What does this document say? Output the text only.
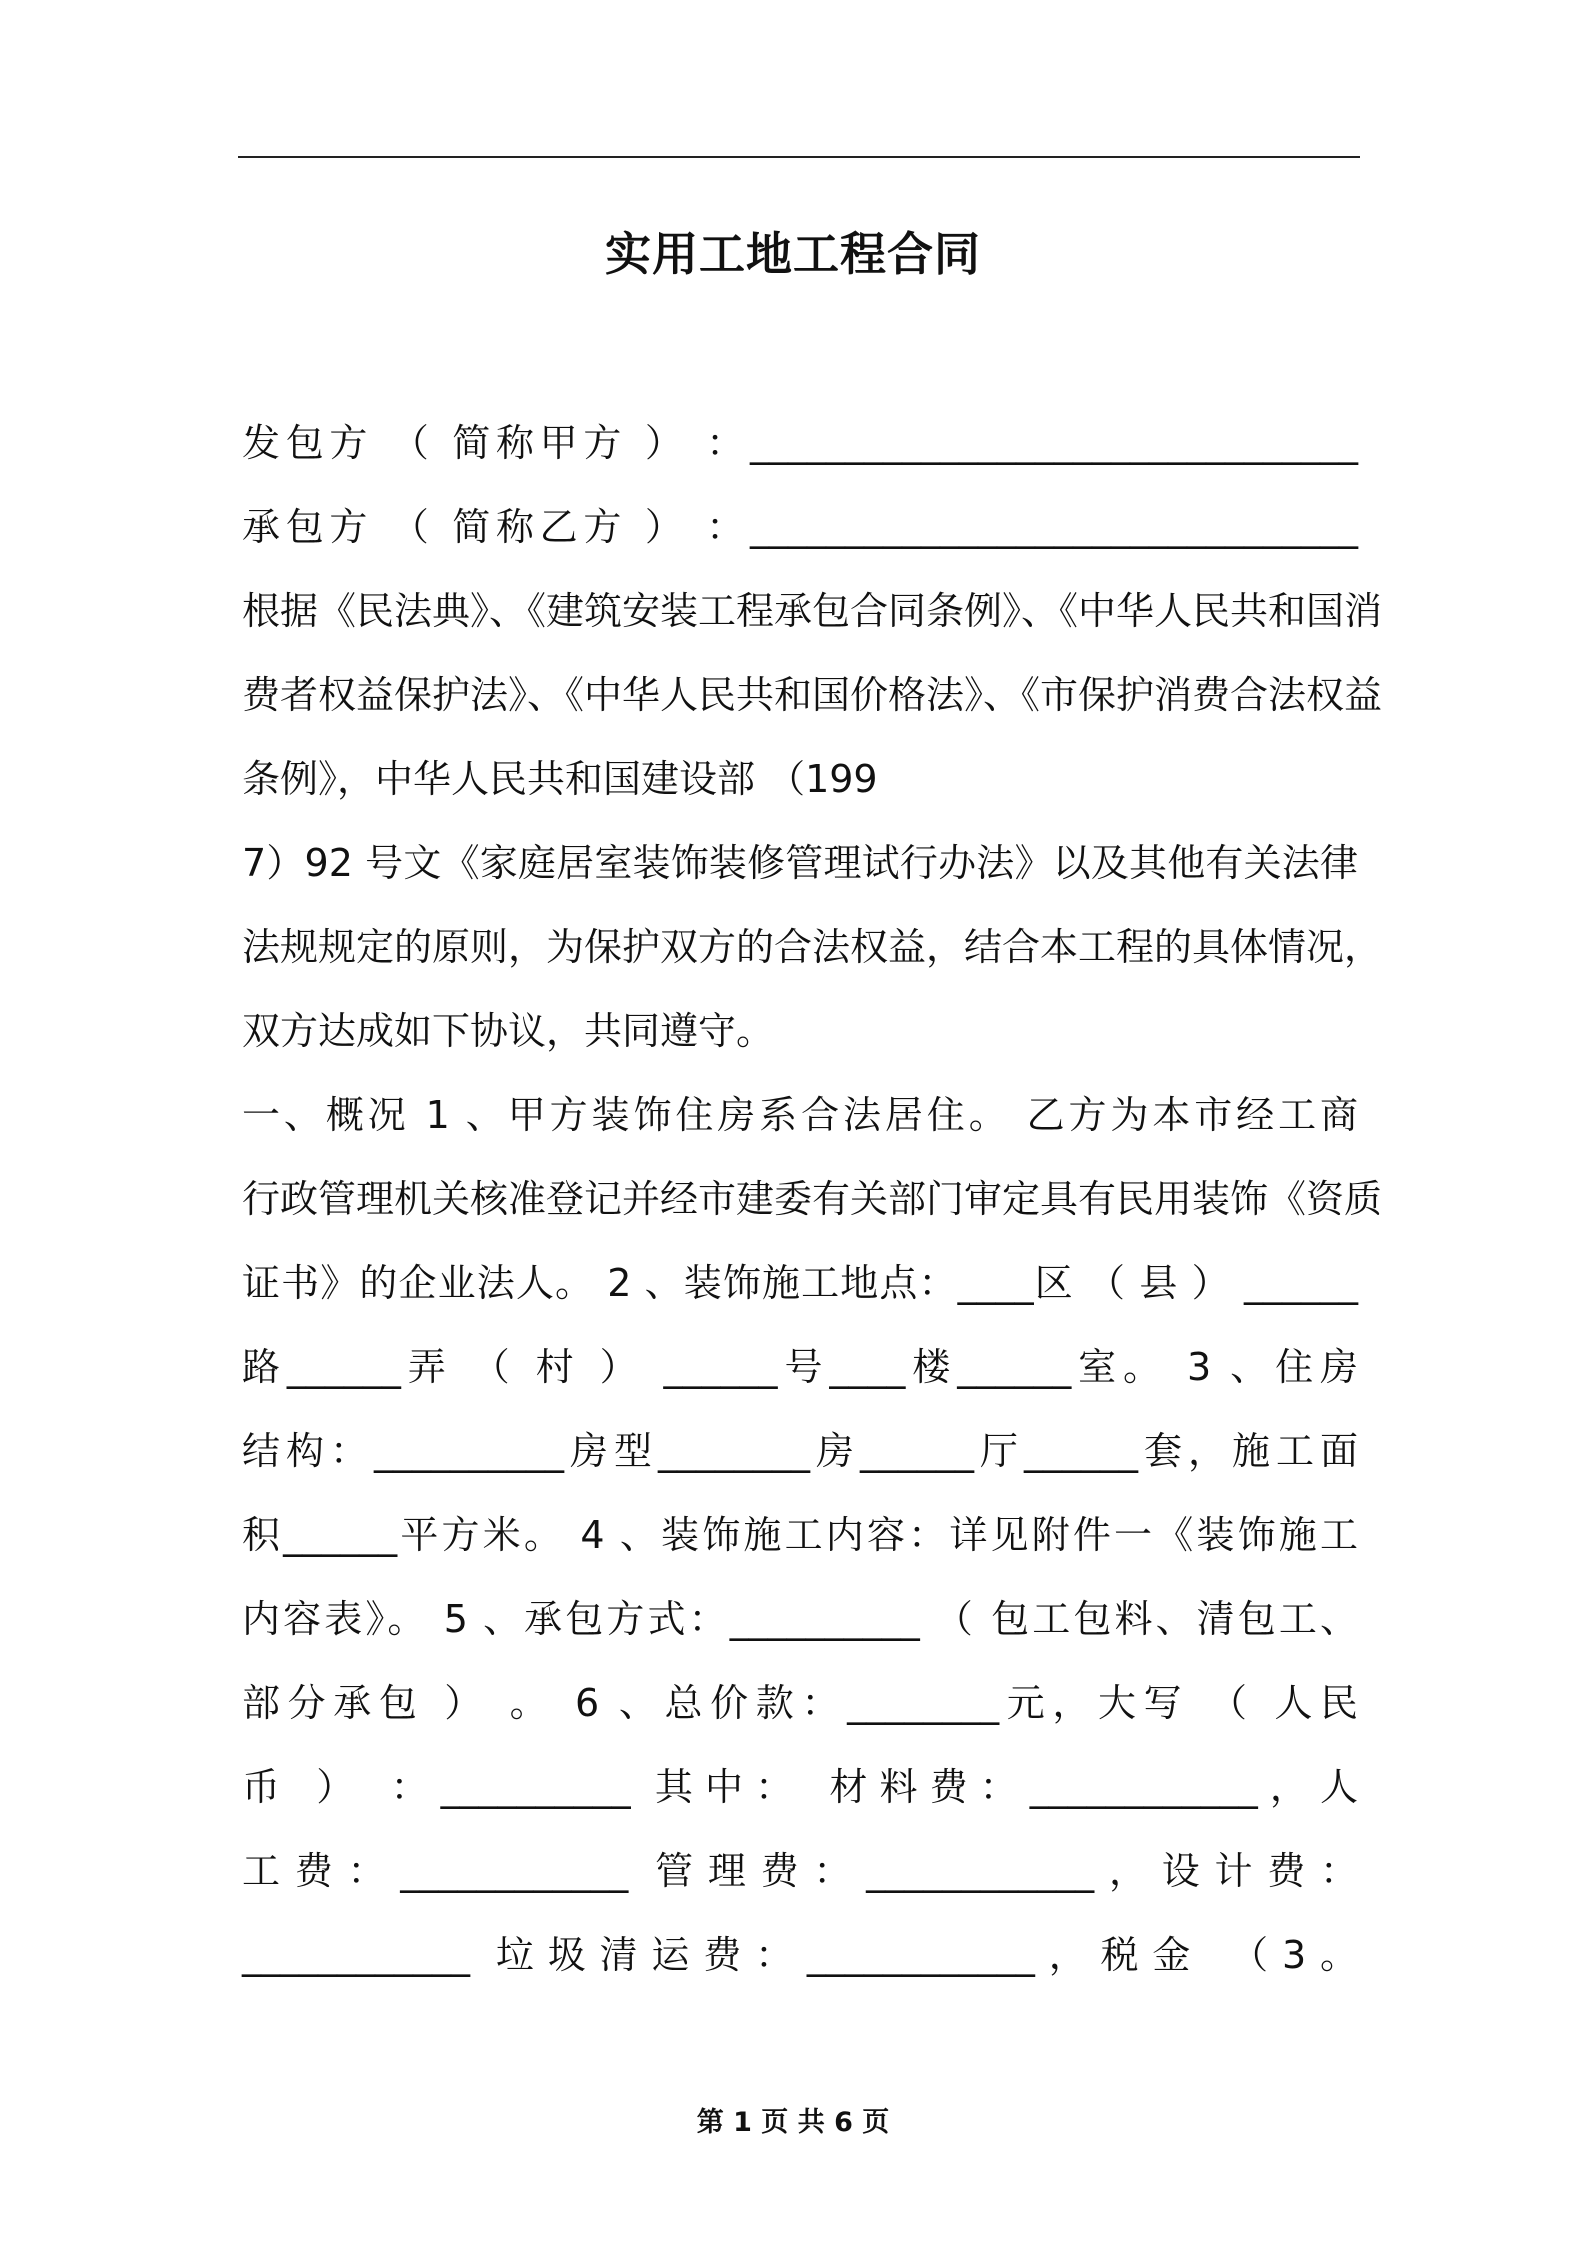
实用工地工程合同
发包方 （ 简称甲方 ） ：________________________________
承包方 （ 简称乙方 ） ：________________________________
根据《民法典》、《建筑安装工程承包合同条例》、《中华人民共和国消
费者权益保护法》、《中华人民共和国价格法》、《市保护消费合法权益
条例》，中华人民共和国建设部 （199
7）92 号文《家庭居室装饰装修管理试行办法》以及其他有关法律
法规规定的原则，为保护双方的合法权益，结合本工程的具体情况，
双方达成如下协议，共同遵守。
一、概况 1 、甲方装饰住房系合法居住。 乙方为本市经工商
行政管理机关核准登记并经市建委有关部门审定具有民用装饰《资质
证书》的企业法人。 2 、装饰施工地点：____区 （ 县 ） ______
路______弄 （ 村 ） ______号____楼______室。 3 、住房
结构：__________房型________房______厅______套，施工面
积______平方米。 4 、装饰施工内容：详见附件一《装饰施工
内容表》。 5 、承包方式：__________ （ 包工包料、清包工、
部分承包 ） 。 6 、总价款：________元，大写 （ 人民
币 ） ：__________ 其中： 材料费：____________，人
工费：____________ 管理费：____________，设计费：
____________ 垃圾清运费：____________，税金 （3。
第 1 页 共 6 页
